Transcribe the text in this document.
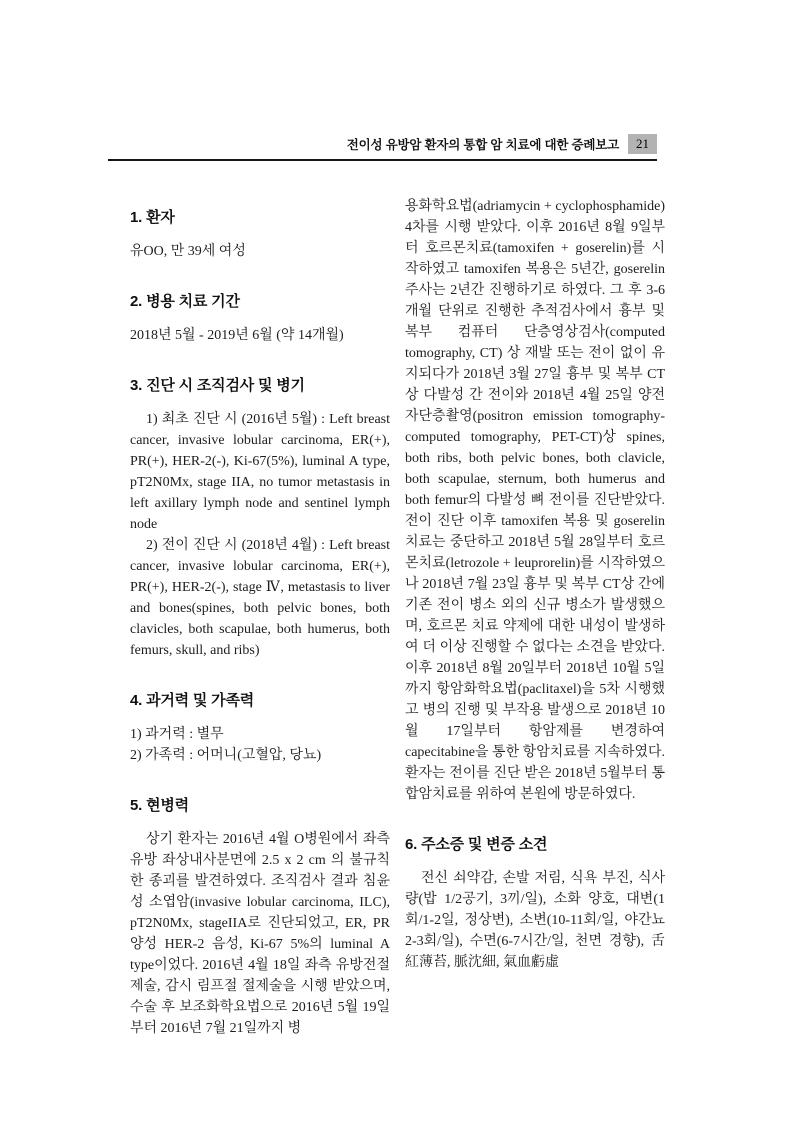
전이성 유방암 환자의 통합 암 치료에 대한 증례보고	21
1. 환자

유OO, 만 39세 여성

2. 병용 치료 기간

2018년 5월 - 2019년 6월 (약 14개월)

3. 진단 시 조직검사 및 병기

1) 최초 진단 시 (2016년 5월) : Left breast cancer, invasive lobular carcinoma, ER(+), PR(+), HER-2(-), Ki-67(5%), luminal A type, pT2N0Mx, stage IIA, no tumor metastasis in left axillary lymph node and sentinel lymph node

2) 전이 진단 시 (2018년 4월) : Left breast cancer, invasive lobular carcinoma, ER(+), PR(+), HER-2(-), stage Ⅳ, metastasis to liver and bones(spines, both pelvic bones, both clavicles, both scapulae, both humerus, both femurs, skull, and ribs)

4. 과거력 및 가족력

1) 과거력 : 별무

2) 가족력 : 어머니(고혈압, 당뇨)

5. 현병력

상기 환자는 2016년 4월 O병원에서 좌측 유방 좌상내사분면에 2.5 x 2 cm 의 불규칙한 종괴를 발견하였다. 조직검사 결과 침윤성 소엽암(invasive lobular carcinoma, ILC), pT2N0Mx, stageIIA로 진단되었고, ER, PR 양성 HER-2 음성, Ki-67 5%의 luminal A type이었다. 2016년 4월 18일 좌측 유방전절제술, 감시 림프절 절제술을 시행 받았으며, 수술 후 보조화학요법으로 2016년 5월 19일부터 2016년 7월 21일까지 병

용화학요법(adriamycin + cyclophosphamide) 4차를 시행 받았다. 이후 2016년 8월 9일부터 호르몬치료(tamoxifen + goserelin)를 시작하였고 tamoxifen 복용은 5년간, goserelin 주사는 2년간 진행하기로 하였다. 그 후 3-6개월 단위로 진행한 추적검사에서 흉부 및 복부 컴퓨터 단층영상검사(computed tomography, CT) 상 재발 또는 전이 없이 유지되다가 2018년 3월 27일 흉부 및 복부 CT상 다발성 간 전이와 2018년 4월 25일 양전자단층촬영(positron emission tomography-computed tomography, PET-CT)상 spines, both ribs, both pelvic bones, both clavicle, both scapulae, sternum, both humerus and both femur의 다발성 뼈 전이를 진단받았다. 전이 진단 이후 tamoxifen 복용 및 goserelin 치료는 중단하고 2018년 5월 28일부터 호르몬치료(letrozole + leuprorelin)를 시작하였으나 2018년 7월 23일 흉부 및 복부 CT상 간에 기존 전이 병소 외의 신규 병소가 발생했으며, 호르몬 치료 약제에 대한 내성이 발생하여 더 이상 진행할 수 없다는 소견을 받았다. 이후 2018년 8월 20일부터 2018년 10월 5일까지 항암화학요법(paclitaxel)을 5차 시행했고 병의 진행 및 부작용 발생으로 2018년 10월 17일부터 항암제를 변경하여 capecitabine을 통한 항암치료를 지속하였다. 환자는 전이를 진단 받은 2018년 5월부터 통합암치료를 위하여 본원에 방문하였다.

6. 주소증 및 변증 소견

전신 쇠약감, 손발 저림, 식욕 부진, 식사량(밥 1/2공기, 3끼/일), 소화 양호, 대변(1회/1-2일, 정상변), 소변(10-11회/일, 야간뇨 2-3회/일), 수면(6-7시간/일, 천면 경향), 舌紅薄苔, 脈沈細, 氣血虧虛
